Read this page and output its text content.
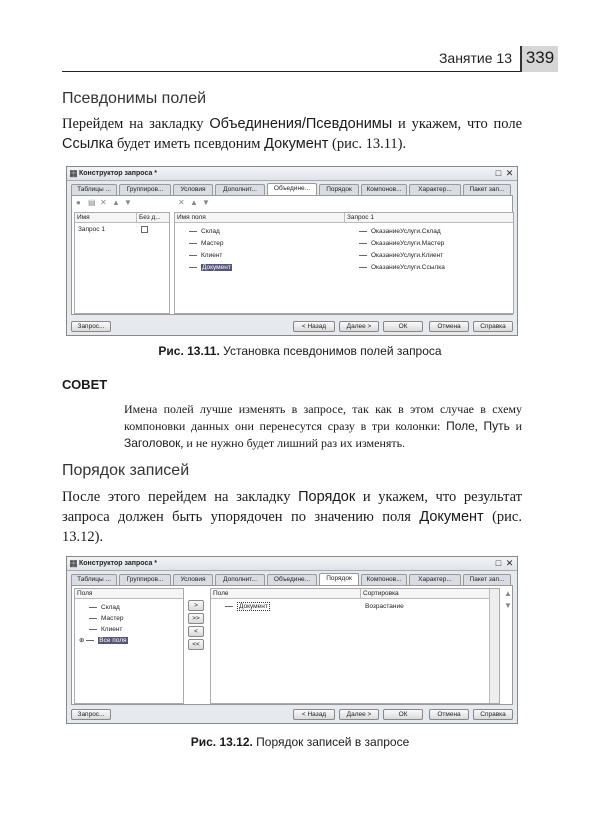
Занятие 13 339
Псевдонимы полей
Перейдем на закладку Объединения/Псевдонимы и укажем, что поле Ссылка будет иметь псевдоним Документ (рис. 13.11).
▦ Конструктор запроса *	□ ✕
Таблицы ...	Группиров...	Условия	Дополнит...	Объедине...	Порядок	Компонов...	Характер...	Пакет зап...
● ▤ ✕ ▲ ▼	✕ ▲ ▼
Имя	Без д...
Запрос 1
Имя поля	Запрос 1
Склад	ОказаниеУслуги.Склад
Мастер	ОказаниеУслуги.Мастер
Клиент	ОказаниеУслуги.Клиент
Документ	ОказаниеУслуги.Ссылка
Запрос...	< Назад	Далее >	ОК	Отмена	Справка
Рис. 13.11. Установка псевдонимов полей запроса
СОВЕТ
Имена полей лучше изменять в запросе, так как в этом случае в схему компоновки данных они перенесутся сразу в три колонки: Поле, Путь и Заголовок, и не нужно будет лишний раз их изменять.
Порядок записей
После этого перейдем на закладку Порядок и укажем, что результат запроса должен быть упорядочен по значению поля Документ (рис. 13.12).
▦ Конструктор запроса *	□ ✕
Таблицы ...	Группиров...	Условия	Дополнит...	Объедине...	Порядок	Компонов...	Характер...	Пакет зап...
Поля
Склад
Мастер
Клиент
⊕ Все поля
>
>>
<
<<
Поле	Сортировка
Документ	Возрастание
▲
▼
Запрос...	< Назад	Далее >	ОК	Отмена	Справка
Рис. 13.12. Порядок записей в запросе
